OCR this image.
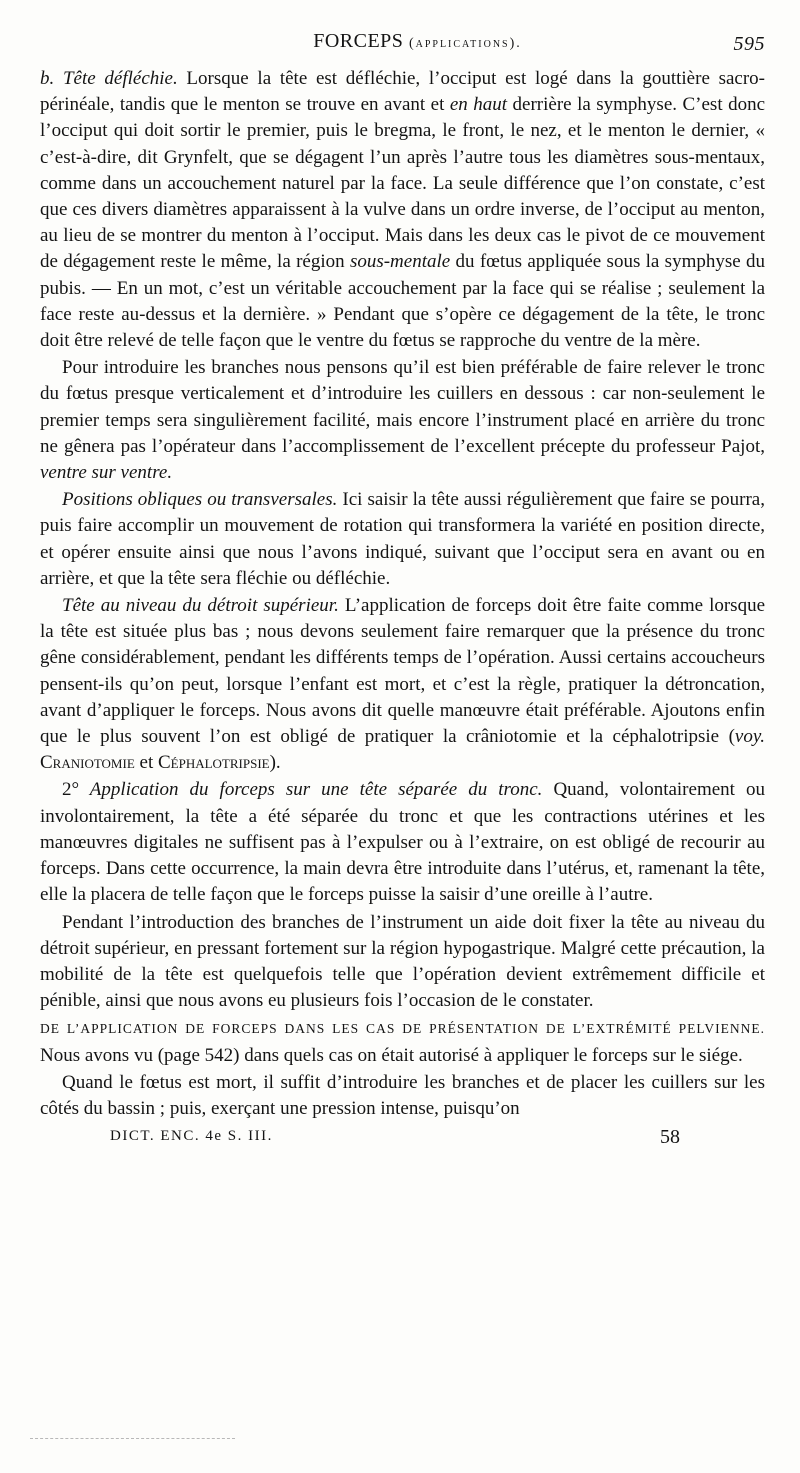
FORCEPS (applications).	595

b. Tête défléchie. Lorsque la tête est défléchie, l’occiput est logé dans la gouttière sacro-périnéale, tandis que le menton se trouve en avant et en haut derrière la symphyse. C’est donc l’occiput qui doit sortir le premier, puis le bregma, le front, le nez, et le menton le dernier, « c’est-à-dire, dit Grynfelt, que se dégagent l’un après l’autre tous les diamètres sous-mentaux, comme dans un accouchement naturel par la face. La seule différence que l’on constate, c’est que ces divers diamètres apparaissent à la vulve dans un ordre inverse, de l’occiput au menton, au lieu de se montrer du menton à l’occiput. Mais dans les deux cas le pivot de ce mouvement de dégagement reste le même, la région sous-mentale du fœtus appliquée sous la symphyse du pubis. — En un mot, c’est un véritable accouchement par la face qui se réalise ; seulement la face reste au-dessus et la dernière. » Pendant que s’opère ce dégagement de la tête, le tronc doit être relevé de telle façon que le ventre du fœtus se rapproche du ventre de la mère.

Pour introduire les branches nous pensons qu’il est bien préférable de faire relever le tronc du fœtus presque verticalement et d’introduire les cuillers en dessous : car non-seulement le premier temps sera singulièrement facilité, mais encore l’instrument placé en arrière du tronc ne gênera pas l’opérateur dans l’accomplissement de l’excellent précepte du professeur Pajot, ventre sur ventre.

Positions obliques ou transversales. Ici saisir la tête aussi régulièrement que faire se pourra, puis faire accomplir un mouvement de rotation qui transformera la variété en position directe, et opérer ensuite ainsi que nous l’avons indiqué, suivant que l’occiput sera en avant ou en arrière, et que la tête sera fléchie ou défléchie.

Tête au niveau du détroit supérieur. L’application de forceps doit être faite comme lorsque la tête est située plus bas ; nous devons seulement faire remarquer que la présence du tronc gêne considérablement, pendant les différents temps de l’opération. Aussi certains accoucheurs pensent-ils qu’on peut, lorsque l’enfant est mort, et c’est la règle, pratiquer la détroncation, avant d’appliquer le forceps. Nous avons dit quelle manœuvre était préférable. Ajoutons enfin que le plus souvent l’on est obligé de pratiquer la crâniotomie et la céphalotripsie (voy. Craniotomie et Céphalotripsie).

2° Application du forceps sur une tête séparée du tronc. Quand, volontairement ou involontairement, la tête a été séparée du tronc et que les contractions utérines et les manœuvres digitales ne suffisent pas à l’expulser ou à l’extraire, on est obligé de recourir au forceps. Dans cette occurrence, la main devra être introduite dans l’utérus, et, ramenant la tête, elle la placera de telle façon que le forceps puisse la saisir d’une oreille à l’autre.

Pendant l’introduction des branches de l’instrument un aide doit fixer la tête au niveau du détroit supérieur, en pressant fortement sur la région hypogastrique. Malgré cette précaution, la mobilité de la tête est quelquefois telle que l’opération devient extrêmement difficile et pénible, ainsi que nous avons eu plusieurs fois l’occasion de le constater.

DE L’APPLICATION DE FORCEPS DANS LES CAS DE PRÉSENTATION DE L’EXTRÉMITÉ PELVIENNE. Nous avons vu (page 542) dans quels cas on était autorisé à appliquer le forceps sur le siége.

Quand le fœtus est mort, il suffit d’introduire les branches et de placer les cuillers sur les côtés du bassin ; puis, exerçant une pression intense, puisqu’on

DICT. ENC. 4e S. III.	58
